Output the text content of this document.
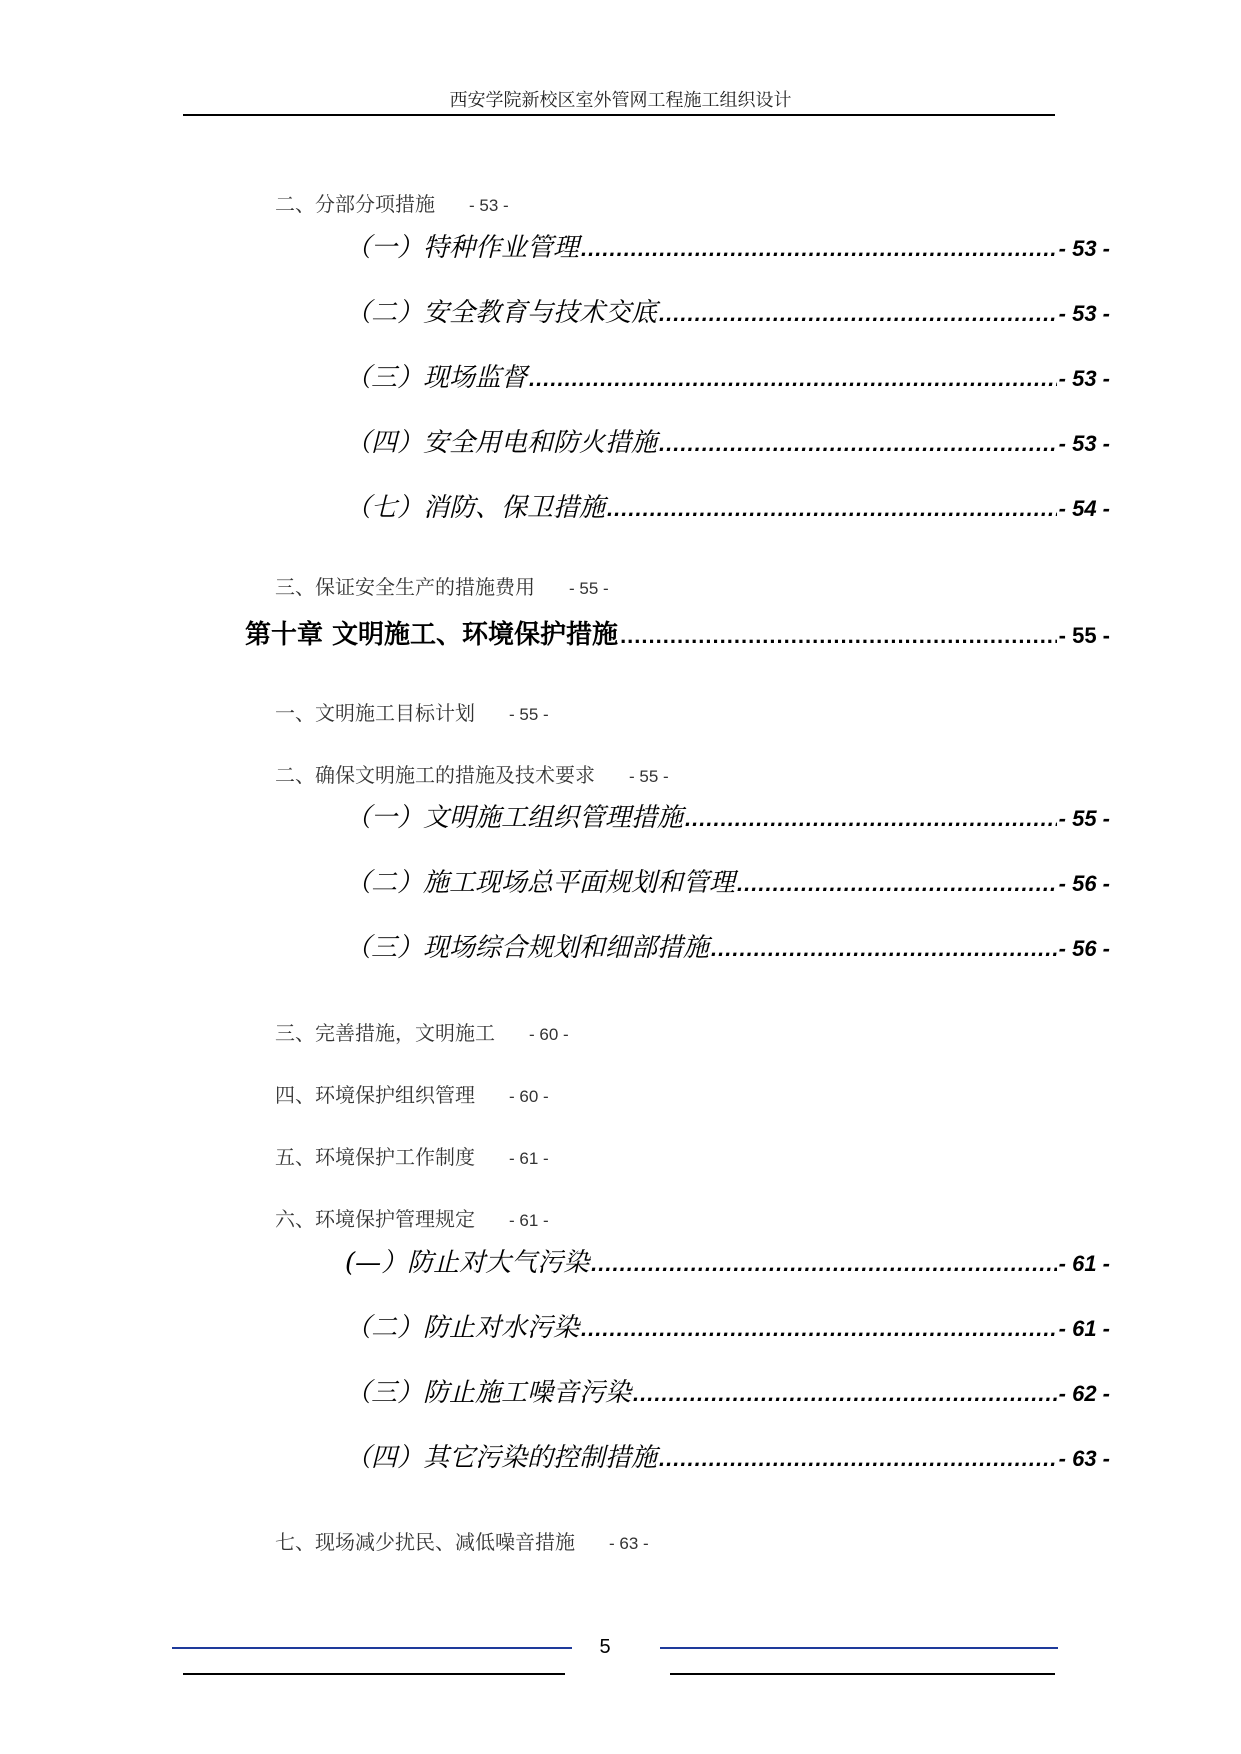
西安学院新校区室外管网工程施工组织设计
二、分部分项措施 - 53 -
（一）特种作业管理 .....	- 53 -
（二）安全教育与技术交底 .....	- 53 -
（三）现场监督 .....	- 53 -
（四）安全用电和防火措施 .....	- 53 -
（七）消防、保卫措施 .....	- 54 -
三、保证安全生产的措施费用 - 55 -
第十章 文明施工、环境保护措施 .....	- 55 -
一、文明施工目标计划 - 55 -
二、确保文明施工的措施及技术要求 - 55 -
（一）文明施工组织管理措施 .....	- 55 -
（二）施工现场总平面规划和管理 .....	- 56 -
（三）现场综合规划和细部措施 .....	- 56 -
三、完善措施，文明施工 - 60 -
四、环境保护组织管理 - 60 -
五、环境保护工作制度 - 61 -
六、环境保护管理规定 - 61 -
(—）防止对大气污染 .....	- 61 -
（二）防止对水污染 .....	- 61 -
（三）防止施工噪音污染 .....	- 62 -
（四）其它污染的控制措施 .....	- 63 -
七、现场减少扰民、减低噪音措施 - 63 -
5
